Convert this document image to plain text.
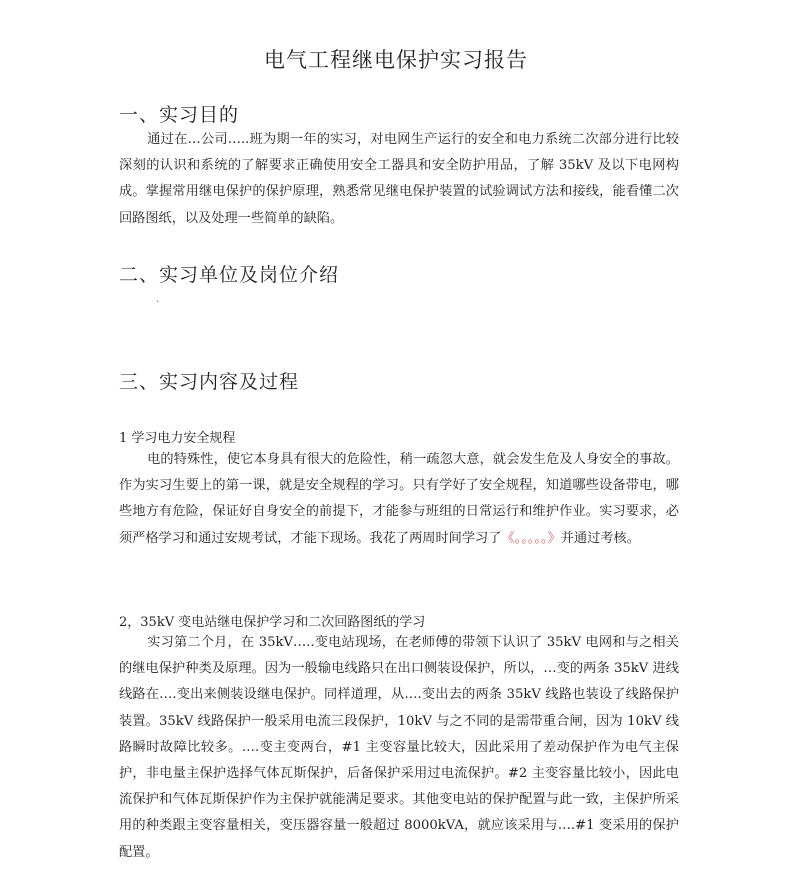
电气工程继电保护实习报告
一、实习目的

通过在…公司…..班为期一年的实习，对电网生产运行的安全和电力系统二次部分进行比较深刻的认识和系统的了解要求正确使用安全工器具和安全防护用品，了解 35kV 及以下电网构成。掌握常用继电保护的保护原理，熟悉常见继电保护装置的试验调试方法和接线，能看懂二次回路图纸，以及处理一些简单的缺陷。

二、实习单位及岗位介绍
.
三、实习内容及过程
1 学习电力安全规程

电的特殊性，使它本身具有很大的危险性，稍一疏忽大意，就会发生危及人身安全的事故。作为实习生要上的第一课，就是安全规程的学习。只有学好了安全规程，知道哪些设备带电，哪些地方有危险，保证好自身安全的前提下，才能参与班组的日常运行和维护作业。实习要求，必须严格学习和通过安规考试，才能下现场。我花了两周时间学习了《。。。。。》并通过考核。

2，35kV 变电站继电保护学习和二次回路图纸的学习

实习第二个月，在 35kV…..变电站现场，在老师傅的带领下认识了 35kV 电网和与之相关的继电保护种类及原理。因为一般输电线路只在出口侧装设保护，所以，…变的两条 35kV 进线线路在….变出来侧装设继电保护。同样道理，从….变出去的两条 35kV 线路也装设了线路保护装置。35kV 线路保护一般采用电流三段保护，10kV 与之不同的是需带重合闸，因为 10kV 线路瞬时故障比较多。….变主变两台，#1 主变容量比较大，因此采用了差动保护作为电气主保护，非电量主保护选择气体瓦斯保护，后备保护采用过电流保护。#2 主变容量比较小，因此电流保护和气体瓦斯保护作为主保护就能满足要求。其他变电站的保护配置与此一致，主保护所采用的种类跟主变容量相关，变压器容量一般超过 8000kVA，就应该采用与….#1 变采用的保护配置。
